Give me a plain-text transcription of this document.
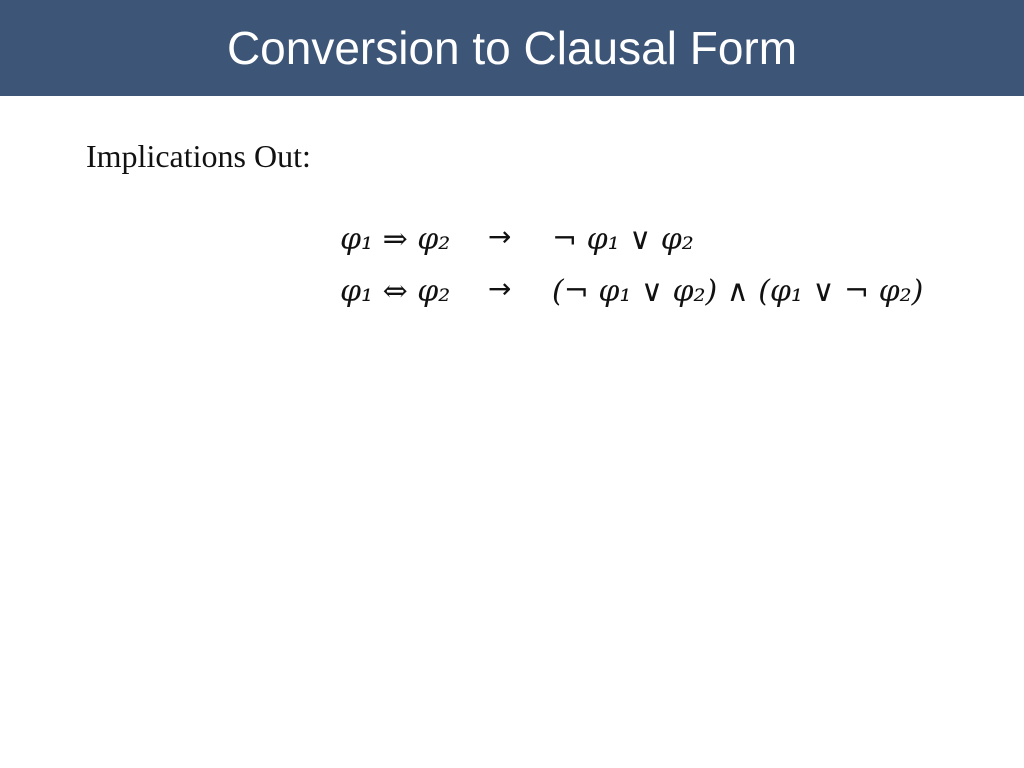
Conversion to Clausal Form
Implications Out:
φ₁ ⇒ φ₂ → ¬ φ₁ ∨ φ₂
φ₁ ⇔ φ₂ → (¬ φ₁ ∨ φ₂) ∧ (φ₁ ∨ ¬ φ₂)
